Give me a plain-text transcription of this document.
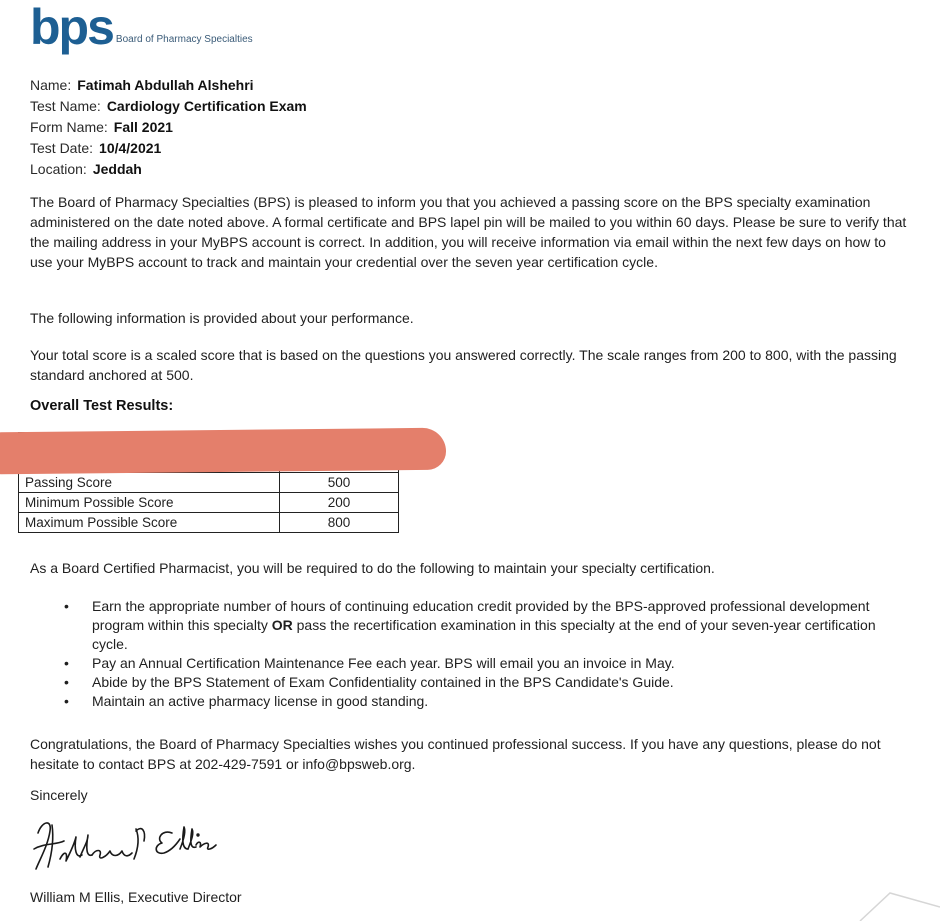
bps Board of Pharmacy Specialties
Name: Fatimah Abdullah Alshehri
Test Name: Cardiology Certification Exam
Form Name: Fall 2021
Test Date: 10/4/2021
Location: Jeddah
The Board of Pharmacy Specialties (BPS) is pleased to inform you that you achieved a passing score on the BPS specialty examination administered on the date noted above. A formal certificate and BPS lapel pin will be mailed to you within 60 days. Please be sure to verify that the mailing address in your MyBPS account is correct. In addition, you will receive information via email within the next few days on how to use your MyBPS account to track and maintain your credential over the seven year certification cycle.
The following information is provided about your performance.
Your total score is a scaled score that is based on the questions you answered correctly. The scale ranges from 200 to 800, with the passing standard anchored at 500.
Overall Test Results:

Passing Score	500
Minimum Possible Score	200
Maximum Possible Score	800
As a Board Certified Pharmacist, you will be required to do the following to maintain your specialty certification.
• Earn the appropriate number of hours of continuing education credit provided by the BPS-approved professional development program within this specialty OR pass the recertification examination in this specialty at the end of your seven-year certification cycle.
• Pay an Annual Certification Maintenance Fee each year. BPS will email you an invoice in May.
• Abide by the BPS Statement of Exam Confidentiality contained in the BPS Candidate's Guide.
• Maintain an active pharmacy license in good standing.
Congratulations, the Board of Pharmacy Specialties wishes you continued professional success. If you have any questions, please do not hesitate to contact BPS at 202-429-7591 or info@bpsweb.org.
Sincerely
William M Ellis, Executive Director
